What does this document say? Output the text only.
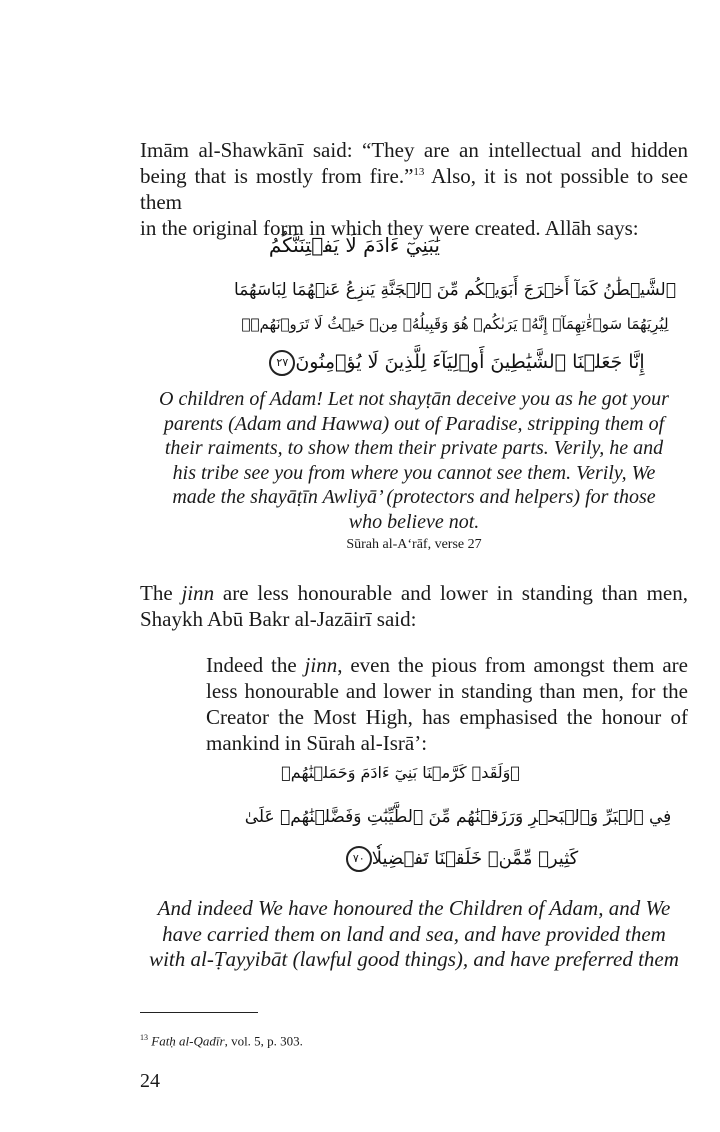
Imām al-Shawkānī said: “They are an intellectual and hidden

being that is mostly from fire.”$^{13}$ Also, it is not possible to see them

in the original form in which they were created. Allāh says:

يَٰبَنِيٓ ءَادَمَ لَا يَفۡتِنَنَّكُمُ
ٱلشَّيۡطَٰنُ كَمَآ أَخۡرَجَ أَبَوَيۡكُم مِّنَ ٱلۡجَنَّةِ يَنزِعُ عَنۡهُمَا لِبَاسَهُمَا
لِيُرِيَهُمَا سَوۡءَٰتِهِمَآۚ إِنَّهُۥ يَرَىٰكُمۡ هُوَ وَقَبِيلُهُۥ مِنۡ حَيۡثُ لَا تَرَوۡنَهُمۡۗ
إِنَّا جَعَلۡنَا ٱلشَّيَٰطِينَ أَوۡلِيَآءَ لِلَّذِينَ لَا يُؤۡمِنُونَ٢٧

O children of Adam! Let not shayṭān deceive you as he got your

parents (Adam and Hawwa) out of Paradise, stripping them of

their raiments, to show them their private parts. Verily, he and

his tribe see you from where you cannot see them. Verily, We

made the shayāṭīn Awliyā’ (protectors and helpers) for those

who believe not.

Sūrah al-A‘rāf, verse 27

The jinn are less honourable and lower in standing than men,

Shaykh Abū Bakr al-Jazāirī said:

Indeed the jinn, even the pious from amongst them are

less honourable and lower in standing than men, for the

Creator the Most High, has emphasised the honour of

mankind in Sūrah al-Isrā’:

۞وَلَقَدۡ كَرَّمۡنَا بَنِيٓ ءَادَمَ وَحَمَلۡنَٰهُمۡ
فِي ٱلۡبَرِّ وَٱلۡبَحۡرِ وَرَزَقۡنَٰهُم مِّنَ ٱلطَّيِّبَٰتِ وَفَضَّلۡنَٰهُمۡ عَلَىٰ
كَثِيرٖ مِّمَّنۡ خَلَقۡنَا تَفۡضِيلٗا٧٠

And indeed We have honoured the Children of Adam, and We

have carried them on land and sea, and have provided them

with al-Ṭayyibāt (lawful good things), and have preferred them

$^{13}$ Fatḥ al-Qadīr, vol. 5, p. 303.
24
